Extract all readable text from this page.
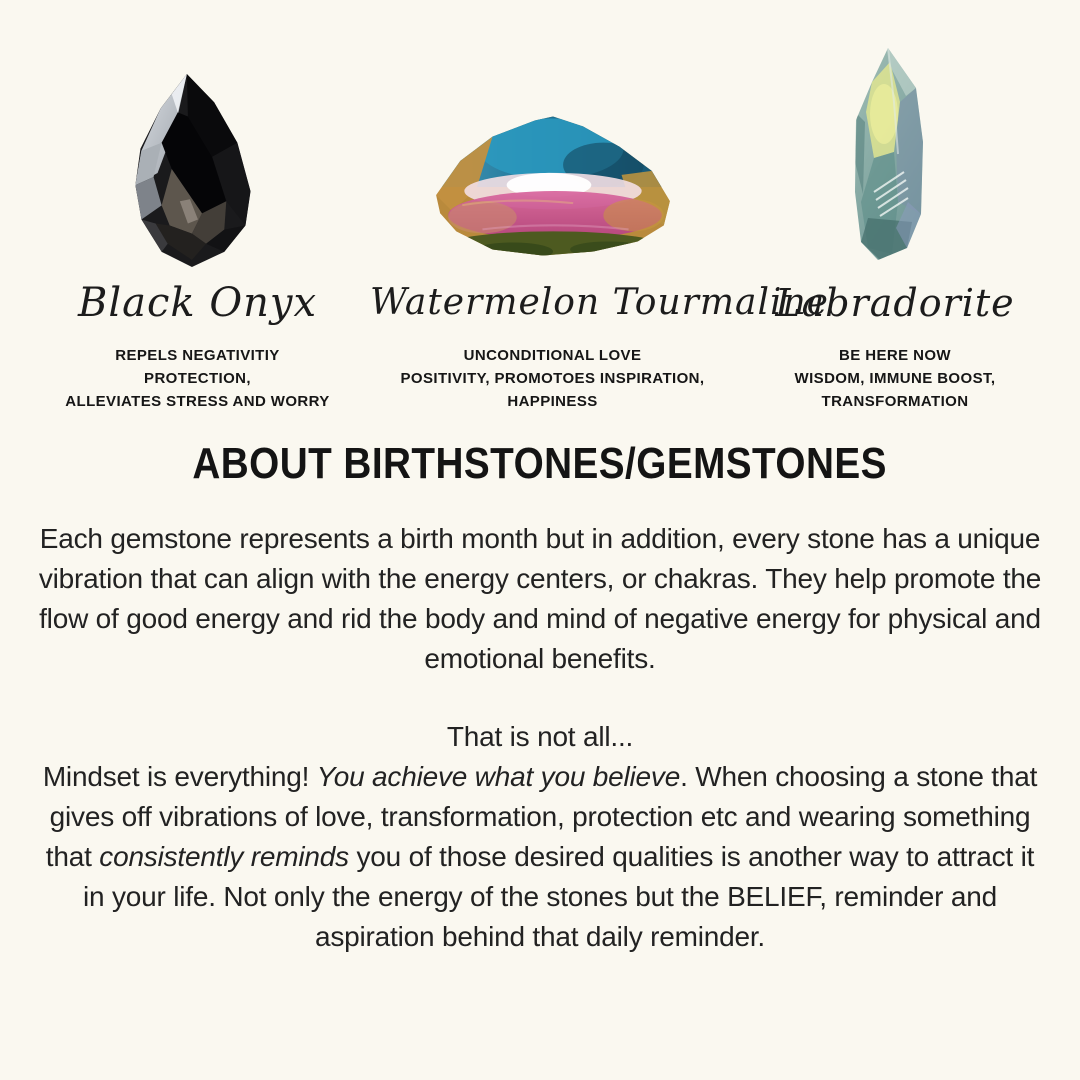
Black Onyx
REPELS NEGATIVITIY
PROTECTION,
ALLEVIATES STRESS AND WORRY
Watermelon Tourmaline
UNCONDITIONAL LOVE
POSITIVITY, PROMOTOES INSPIRATION,
HAPPINESS
Labradorite
BE HERE NOW
WISDOM, IMMUNE BOOST,
TRANSFORMATION
ABOUT BIRTHSTONES/GEMSTONES

Each gemstone represents a birth month but in addition, every stone has a unique vibration that can align with the energy centers, or chakras. They help promote the flow of good energy and rid the body and mind of negative energy for physical and emotional benefits.

That is not all...
Mindset is everything! You achieve what you believe. When choosing a stone that gives off vibrations of love, transformation, protection etc and wearing something that consistently reminds you of those desired qualities is another way to attract it in your life. Not only the energy of the stones but the BELIEF, reminder and aspiration behind that daily reminder.
